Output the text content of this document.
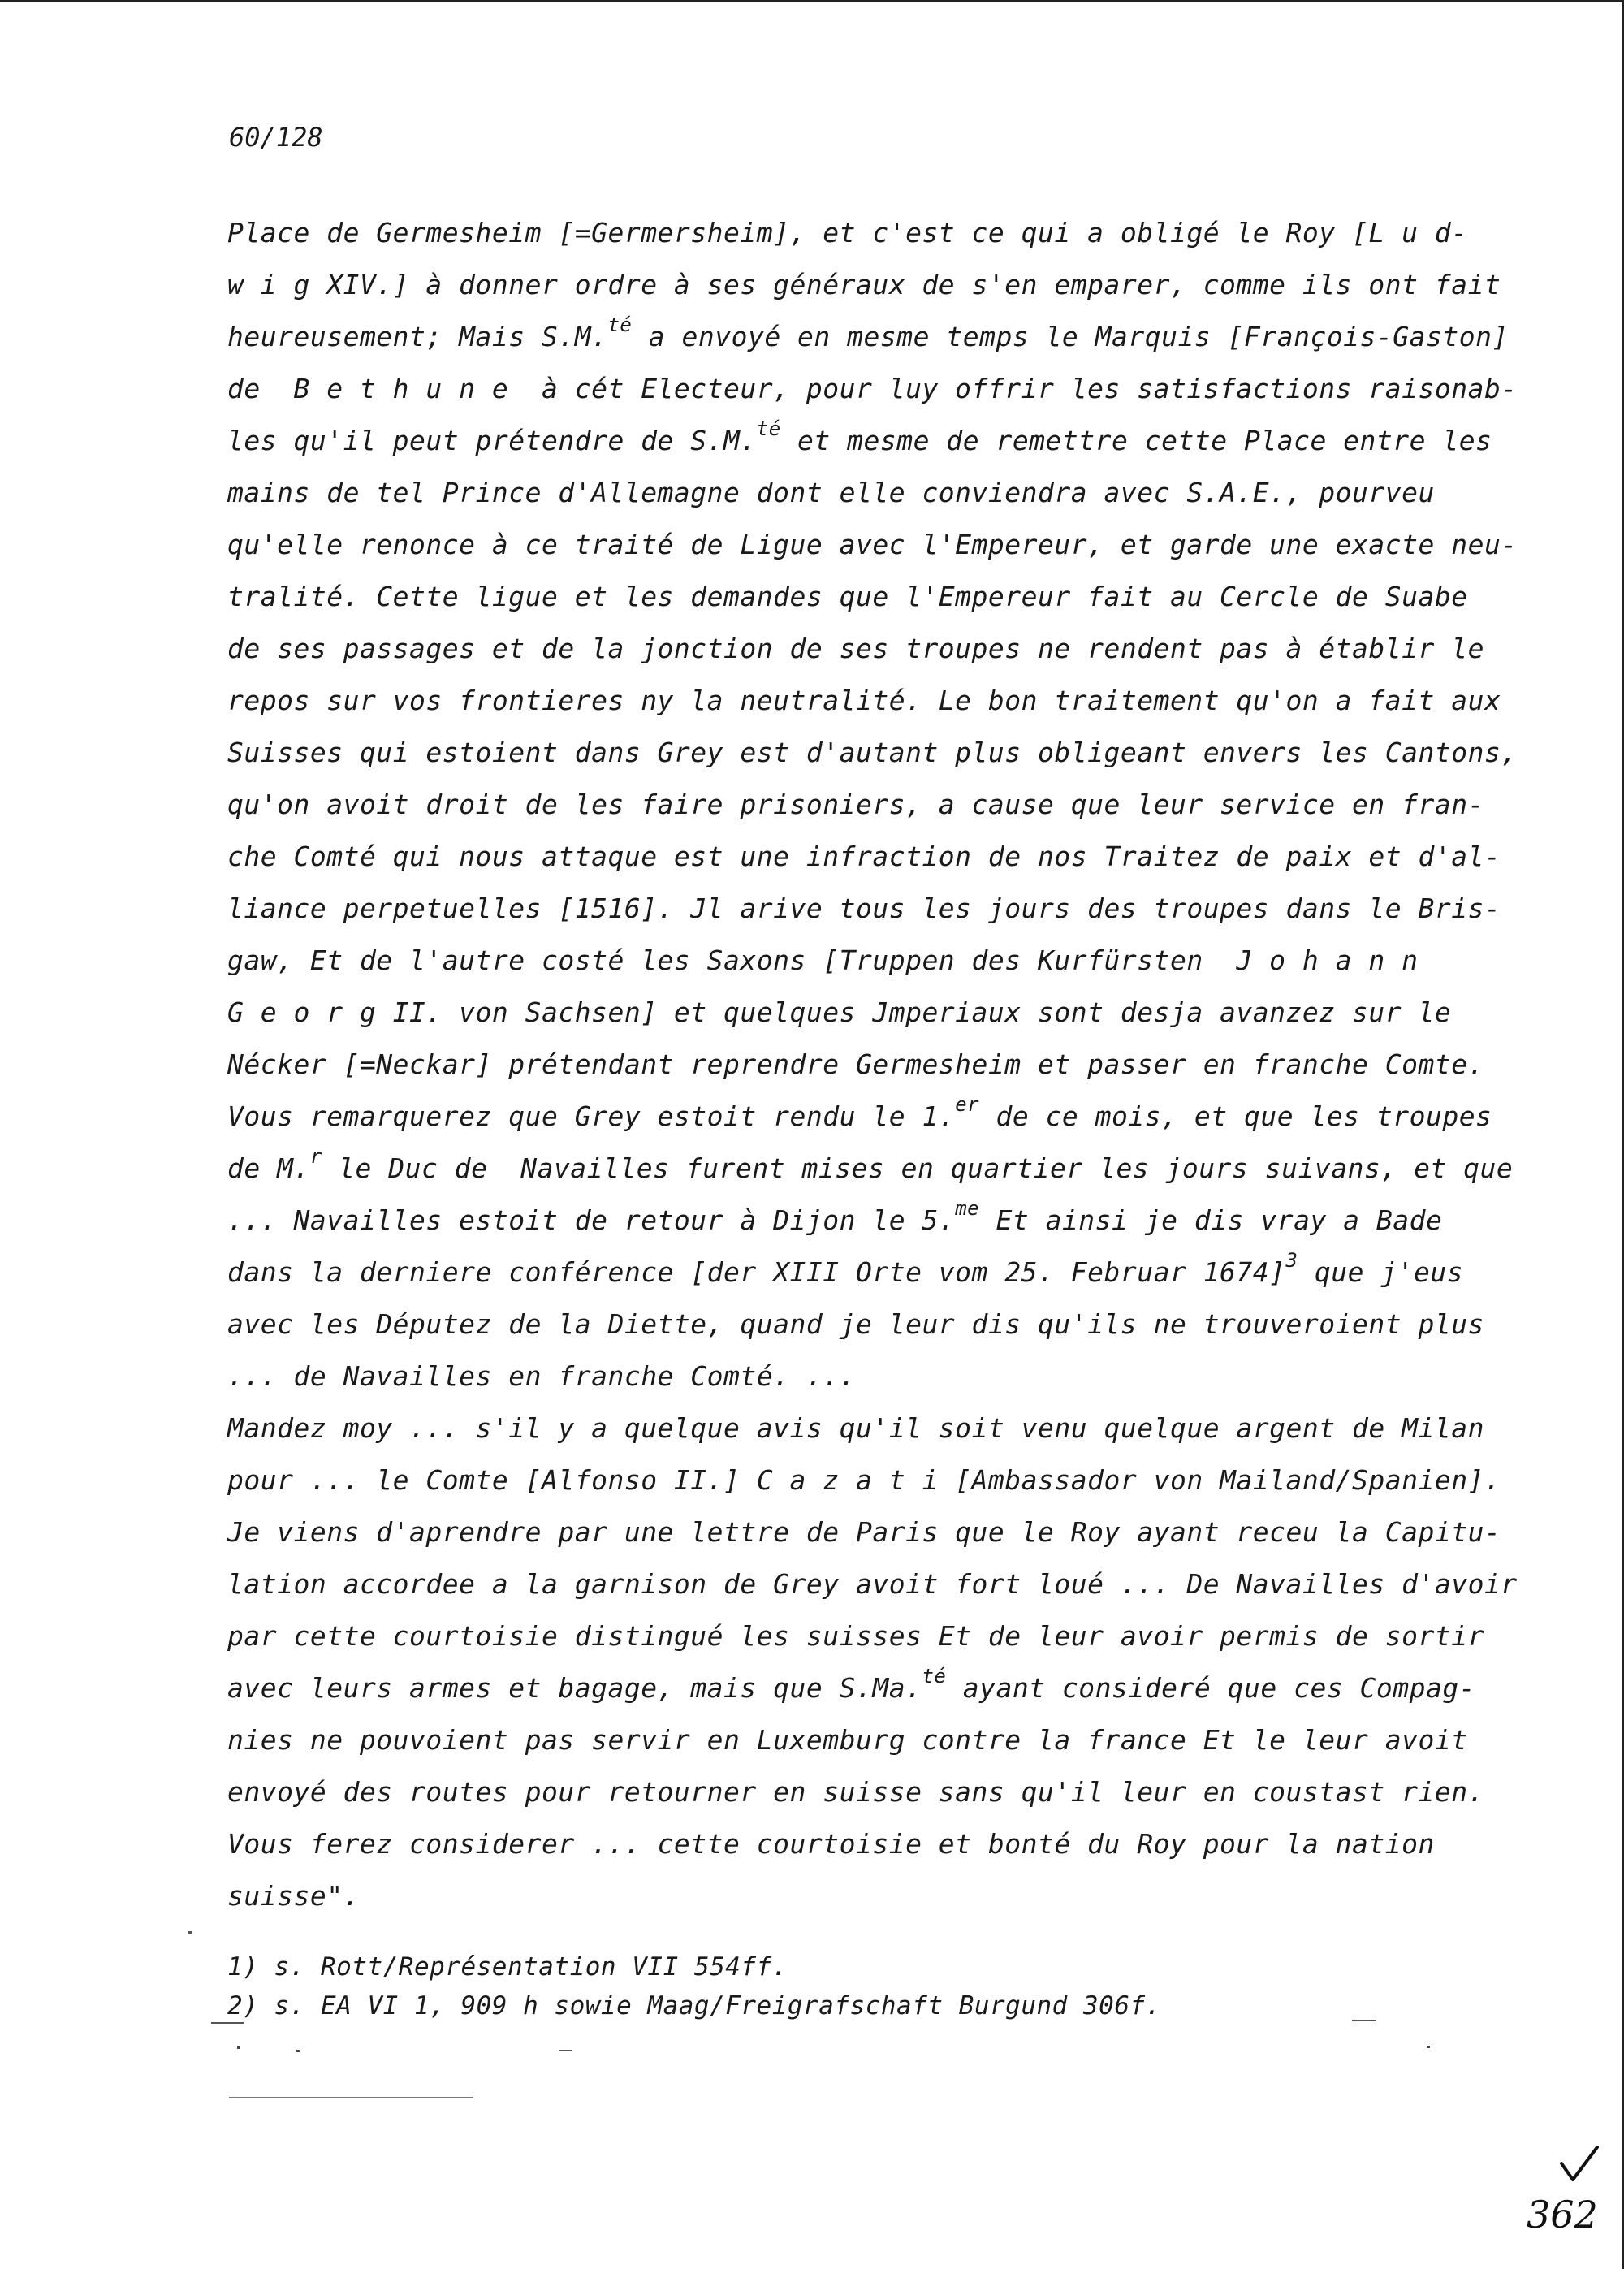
60/128
Place de Germesheim [=Germersheim], et c'est ce qui a obligé le Roy [L u d-
w i g XIV.] à donner ordre à ses généraux de s'en emparer, comme ils ont fait
heureusement; Mais S.M.$^{té}$ a envoyé en mesme temps le Marquis [François-Gaston]
de  B e t h u n e  à cét Electeur, pour luy offrir les satisfactions raisonab-
les qu'il peut prétendre de S.M.$^{té}$ et mesme de remettre cette Place entre les
mains de tel Prince d'Allemagne dont elle conviendra avec S.A.E., pourveu
qu'elle renonce à ce traité de Ligue avec l'Empereur, et garde une exacte neu-
tralité. Cette ligue et les demandes que l'Empereur fait au Cercle de Suabe
de ses passages et de la jonction de ses troupes ne rendent pas à établir le
repos sur vos frontieres ny la neutralité. Le bon traitement qu'on a fait aux
Suisses qui estoient dans Grey est d'autant plus obligeant envers les Cantons,
qu'on avoit droit de les faire prisoniers, a cause que leur service en fran-
che Comté qui nous attaque est une infraction de nos Traitez de paix et d'al-
liance perpetuelles [1516]. Jl arive tous les jours des troupes dans le Bris-
gaw, Et de l'autre costé les Saxons [Truppen des Kurfürsten  J o h a n n
G e o r g II. von Sachsen] et quelques Jmperiaux sont desja avanzez sur le
Nécker [=Neckar] prétendant reprendre Germesheim et passer en franche Comte.
Vous remarquerez que Grey estoit rendu le 1.$^{er}$ de ce mois, et que les troupes
de M.$^r$ le Duc de  Navailles furent mises en quartier les jours suivans, et que
... Navailles estoit de retour à Dijon le 5.$^{me}$ Et ainsi je dis vray a Bade
dans la derniere conférence [der XIII Orte vom 25. Februar 1674]$^3$ que j'eus
avec les Députez de la Diette, quand je leur dis qu'ils ne trouveroient plus
... de Navailles en franche Comté. ...
Mandez moy ... s'il y a quelque avis qu'il soit venu quelque argent de Milan
pour ... le Comte [Alfonso II.] C a z a t i [Ambassador von Mailand/Spanien].
Je viens d'aprendre par une lettre de Paris que le Roy ayant receu la Capitu-
lation accordee a la garnison de Grey avoit fort loué ... De Navailles d'avoir
par cette courtoisie distingué les suisses Et de leur avoir permis de sortir
avec leurs armes et bagage, mais que S.Ma.$^{té}$ ayant consideré que ces Compag-
nies ne pouvoient pas servir en Luxemburg contre la france Et le leur avoit
envoyé des routes pour retourner en suisse sans qu'il leur en coustast rien.
Vous ferez considerer ... cette courtoisie et bonté du Roy pour la nation
suisse".
1) s. Rott/Représentation VII 554ff.
2) s. EA VI 1, 909 h sowie Maag/Freigrafschaft Burgund 306f.
362
